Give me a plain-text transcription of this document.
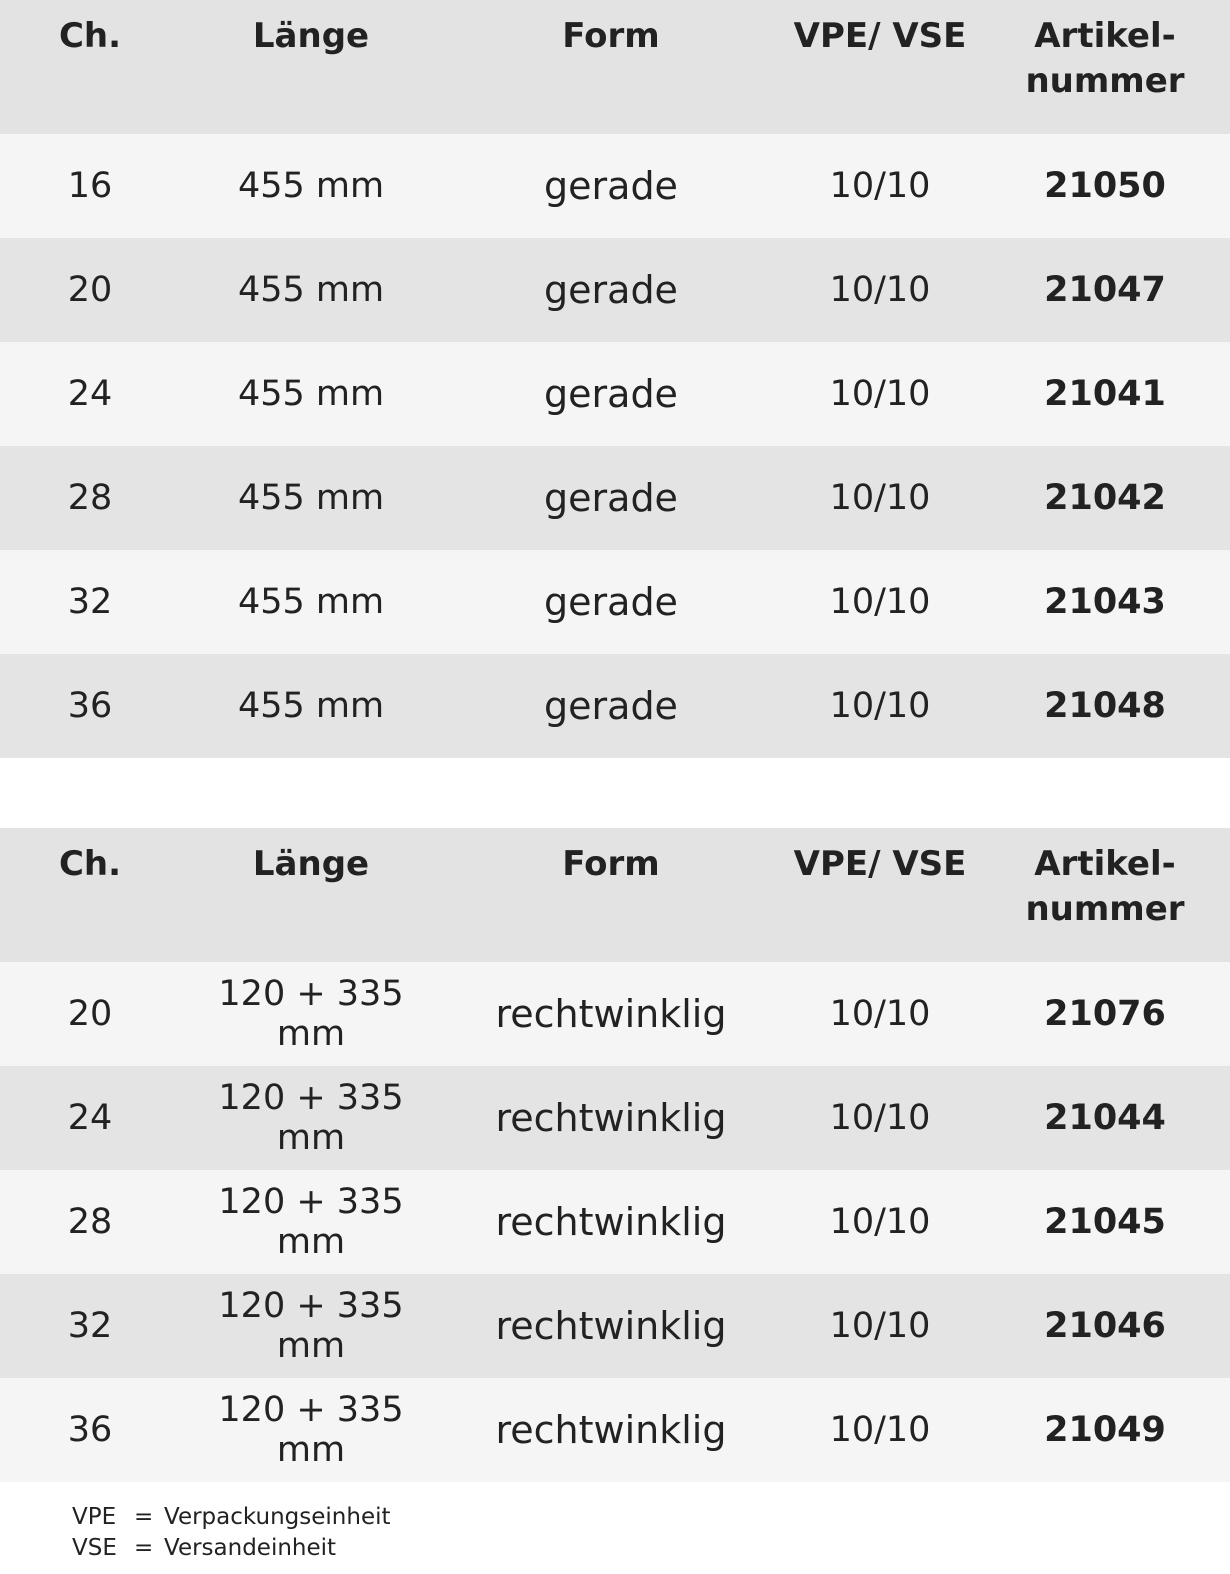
Ch.	Länge	Form	VPE/ VSE	Artikel-
nummer

16	455 mm	gerade	10/10	21050
20	455 mm	gerade	10/10	21047
24	455 mm	gerade	10/10	21041
28	455 mm	gerade	10/10	21042
32	455 mm	gerade	10/10	21043
36	455 mm	gerade	10/10	21048
Ch.	Länge	Form	VPE/ VSE	Artikel-
nummer

20	120 + 335 mm	rechtwinklig	10/10	21076
24	120 + 335 mm	rechtwinklig	10/10	21044
28	120 + 335 mm	rechtwinklig	10/10	21045
32	120 + 335 mm	rechtwinklig	10/10	21046
36	120 + 335 mm	rechtwinklig	10/10	21049
VPE = Verpackungseinheit
VSE = Versandeinheit
